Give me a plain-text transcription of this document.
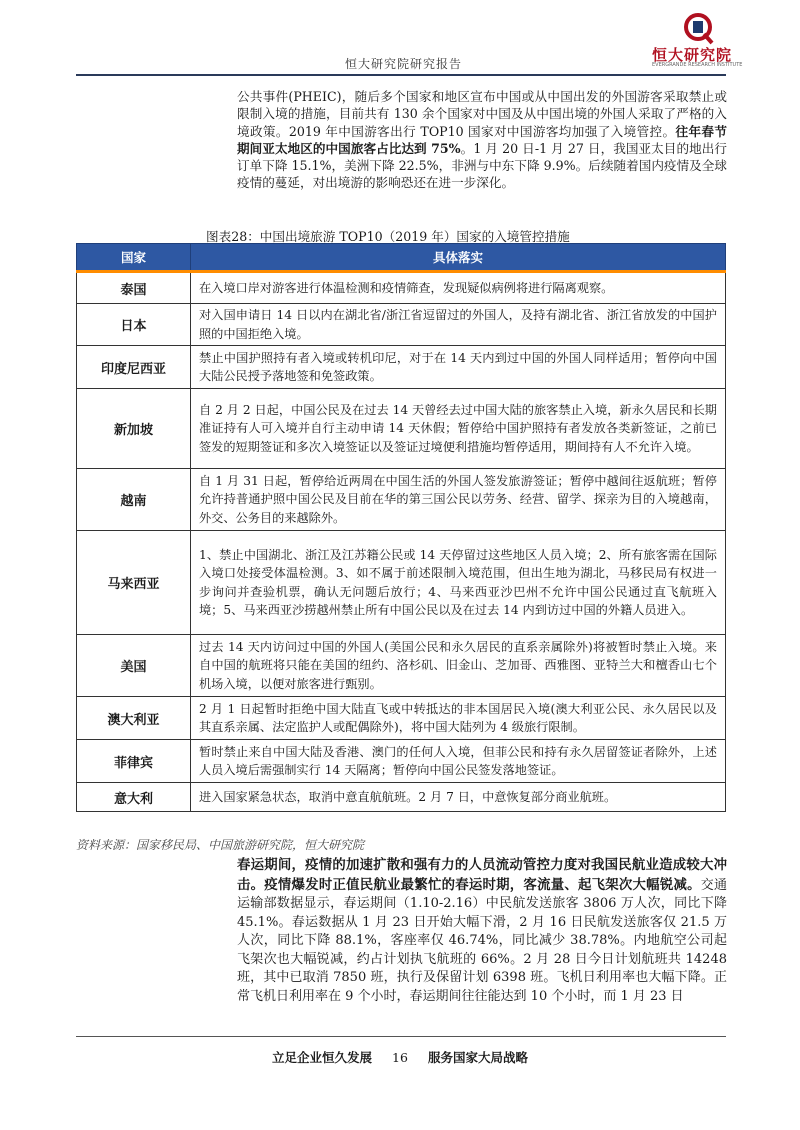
恒大研究院研究报告	恒大研究院
EVERGRANDE RESEARCH INSTITUTE
公共事件(PHEIC)，随后多个国家和地区宣布中国或从中国出发的外国游客采取禁止或限制入境的措施，目前共有 130 余个国家对中国及从中国出境的外国人采取了严格的入境政策。2019 年中国游客出行 TOP10 国家对中国游客均加强了入境管控。往年春节期间亚太地区的中国旅客占比达到 75%。1 月 20 日-1 月 27 日，我国亚太目的地出行订单下降 15.1%，美洲下降 22.5%，非洲与中东下降 9.9%。后续随着国内疫情及全球疫情的蔓延，对出境游的影响恐还在进一步深化。
图表28：中国出境旅游 TOP10（2019 年）国家的入境管控措施
国家	具体落实
泰国	在入境口岸对游客进行体温检测和疫情筛查，发现疑似病例将进行隔离观察。
日本	对入国申请日 14 日以内在湖北省/浙江省逗留过的外国人，及持有湖北省、浙江省放发的中国护照的中国拒绝入境。
印度尼西亚	禁止中国护照持有者入境或转机印尼，对于在 14 天内到过中国的外国人同样适用；暂停向中国大陆公民授予落地签和免签政策。
新加坡	自 2 月 2 日起，中国公民及在过去 14 天曾经去过中国大陆的旅客禁止入境，新永久居民和长期准证持有人可入境并自行主动申请 14 天休假；暂停给中国护照持有者发放各类新签证，之前已签发的短期签证和多次入境签证以及签证过境便利措施均暂停适用，期间持有人不允许入境。
越南	自 1 月 31 日起，暂停给近两周在中国生活的外国人签发旅游签证；暂停中越间往返航班；暂停允许持普通护照中国公民及目前在华的第三国公民以劳务、经营、留学、探亲为目的入境越南，外交、公务目的来越除外。
马来西亚	1、禁止中国湖北、浙江及江苏籍公民或 14 天停留过这些地区人员入境；2、所有旅客需在国际入境口处接受体温检测。3、如不属于前述限制入境范围，但出生地为湖北，马移民局有权进一步询问并查验机票，确认无问题后放行；4、马来西亚沙巴州不允许中国公民通过直飞航班入境；5、马来西亚沙捞越州禁止所有中国公民以及在过去 14 内到访过中国的外籍人员进入。
美国	过去 14 天内访问过中国的外国人(美国公民和永久居民的直系亲属除外)将被暂时禁止入境。来自中国的航班将只能在美国的纽约、洛杉矶、旧金山、芝加哥、西雅图、亚特兰大和檀香山七个机场入境，以便对旅客进行甄别。
澳大利亚	2 月 1 日起暂时拒绝中国大陆直飞或中转抵达的非本国居民入境(澳大利亚公民、永久居民以及其直系亲属、法定监护人或配偶除外)，将中国大陆列为 4 级旅行限制。
菲律宾	暂时禁止来自中国大陆及香港、澳门的任何人入境，但菲公民和持有永久居留签证者除外，上述人员入境后需强制实行 14 天隔离；暂停向中国公民签发落地签证。
意大利	进入国家紧急状态，取消中意直航航班。2 月 7 日，中意恢复部分商业航班。
资料来源：国家移民局、中国旅游研究院，恒大研究院
春运期间，疫情的加速扩散和强有力的人员流动管控力度对我国民航业造成较大冲击。疫情爆发时正值民航业最繁忙的春运时期，客流量、起飞架次大幅锐减。交通运输部数据显示，春运期间（1.10-2.16）中民航发送旅客 3806 万人次，同比下降 45.1%。春运数据从 1 月 23 日开始大幅下滑，2 月 16 日民航发送旅客仅 21.5 万人次，同比下降 88.1%，客座率仅 46.74%，同比减少 38.78%。内地航空公司起飞架次也大幅锐减，约占计划执飞航班的 66%。2 月 28 日今日计划航班共 14248 班，其中已取消 7850 班，执行及保留计划 6398 班。飞机日利用率也大幅下降。正常飞机日利用率在 9 个小时，春运期间往往能达到 10 个小时，而 1 月 23 日
立足企业恒久发展 16 服务国家大局战略
